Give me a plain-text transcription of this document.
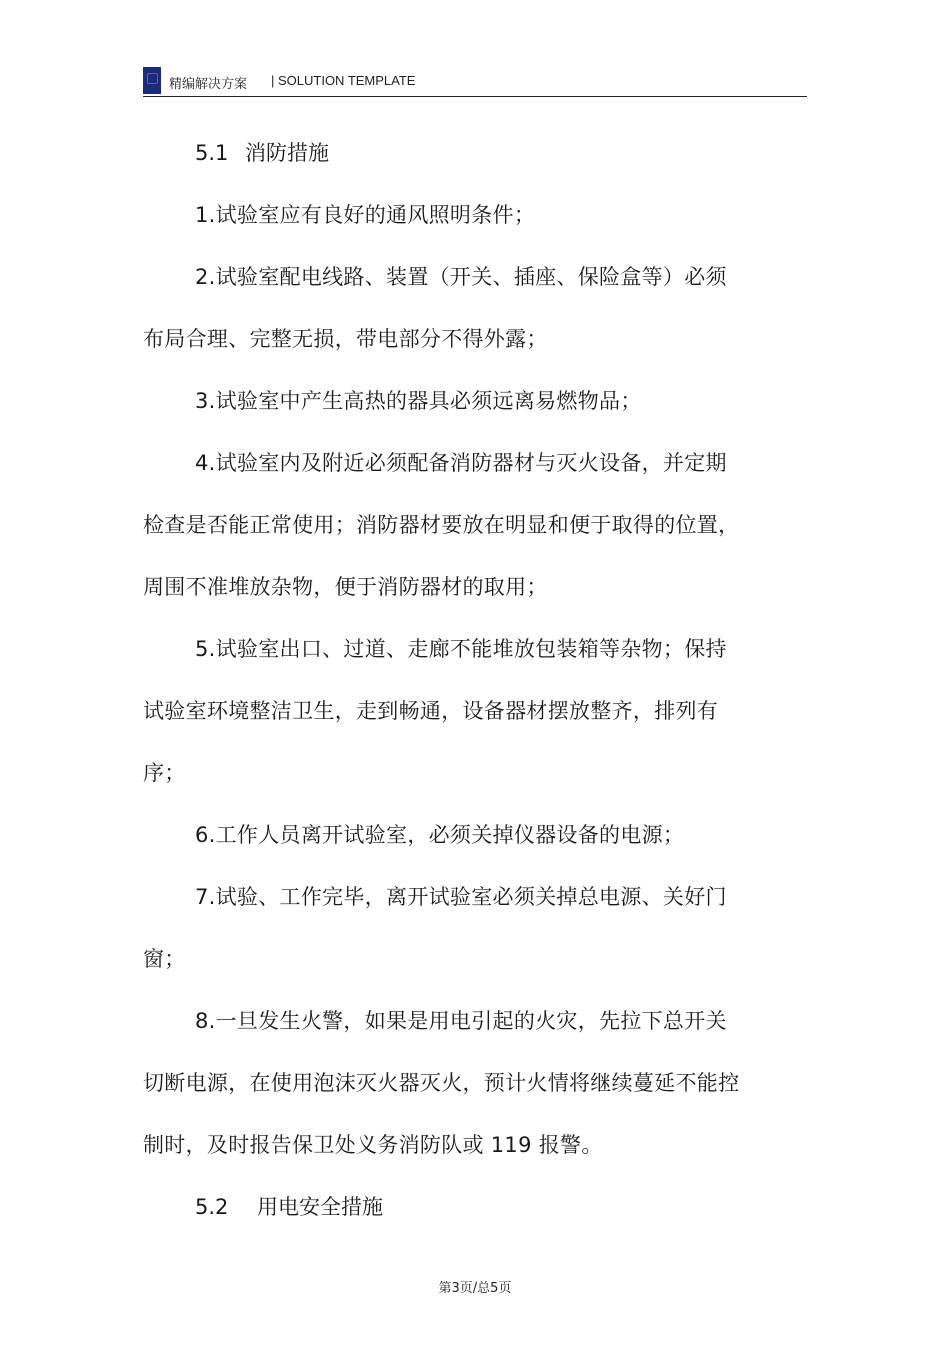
精编解决方案 | SOLUTION TEMPLATE

5.1 消防措施

1.试验室应有良好的通风照明条件；

2.试验室配电线路、装置（开关、插座、保险盒等）必须布局合理、完整无损，带电部分不得外露；

3.试验室中产生高热的器具必须远离易燃物品；

4.试验室内及附近必须配备消防器材与灭火设备，并定期检查是否能正常使用；消防器材要放在明显和便于取得的位置，周围不准堆放杂物，便于消防器材的取用；

5.试验室出口、过道、走廊不能堆放包装箱等杂物；保持试验室环境整洁卫生，走到畅通，设备器材摆放整齐，排列有序；

6.工作人员离开试验室，必须关掉仪器设备的电源；

7.试验、工作完毕，离开试验室必须关掉总电源、关好门窗；

8.一旦发生火警，如果是用电引起的火灾，先拉下总开关切断电源，在使用泡沫灭火器灭火，预计火情将继续蔓延不能控制时，及时报告保卫处义务消防队或 119 报警。

5.2 用电安全措施

第3页/总5页
